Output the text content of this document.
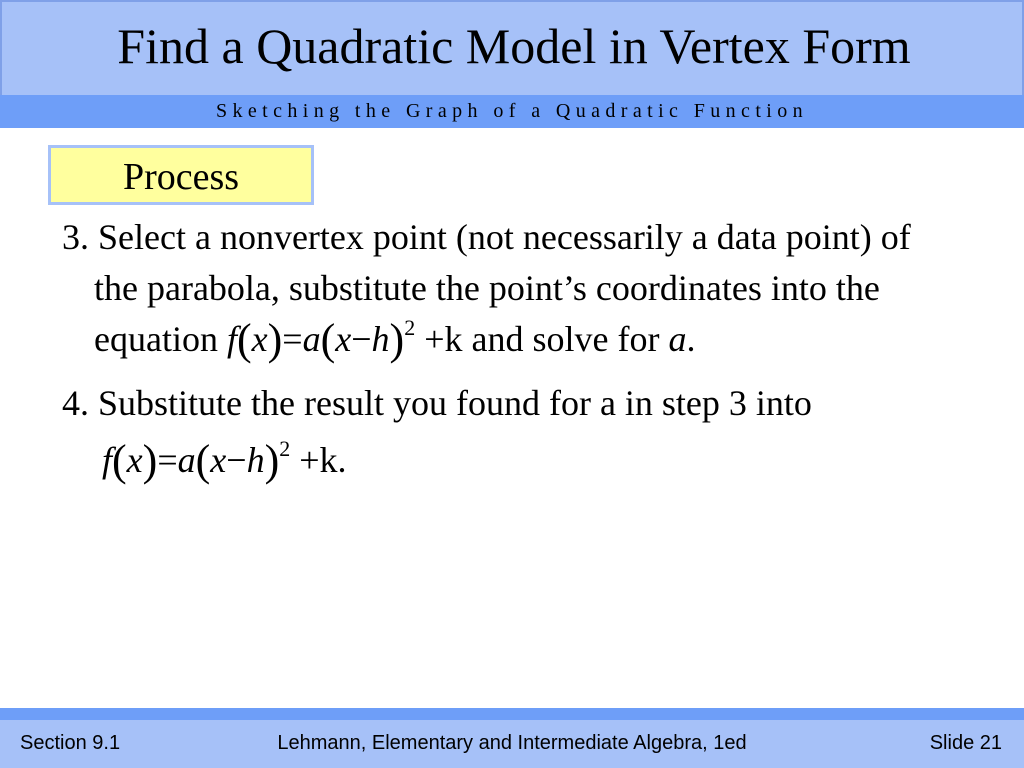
Find a Quadratic Model in Vertex Form
Sketching the Graph of a Quadratic Function
Process

3. Select a nonvertex point (not necessarily a data point) of the parabola, substitute the point’s coordinates into the equation $f(x)=a(x-h)^2 +k$ and solve for a.

4. Substitute the result you found for a in step 3 into

$f(x)=a(x-h)^2 +k$.
Section 9.1	Lehmann, Elementary and Intermediate Algebra, 1ed	Slide 21
